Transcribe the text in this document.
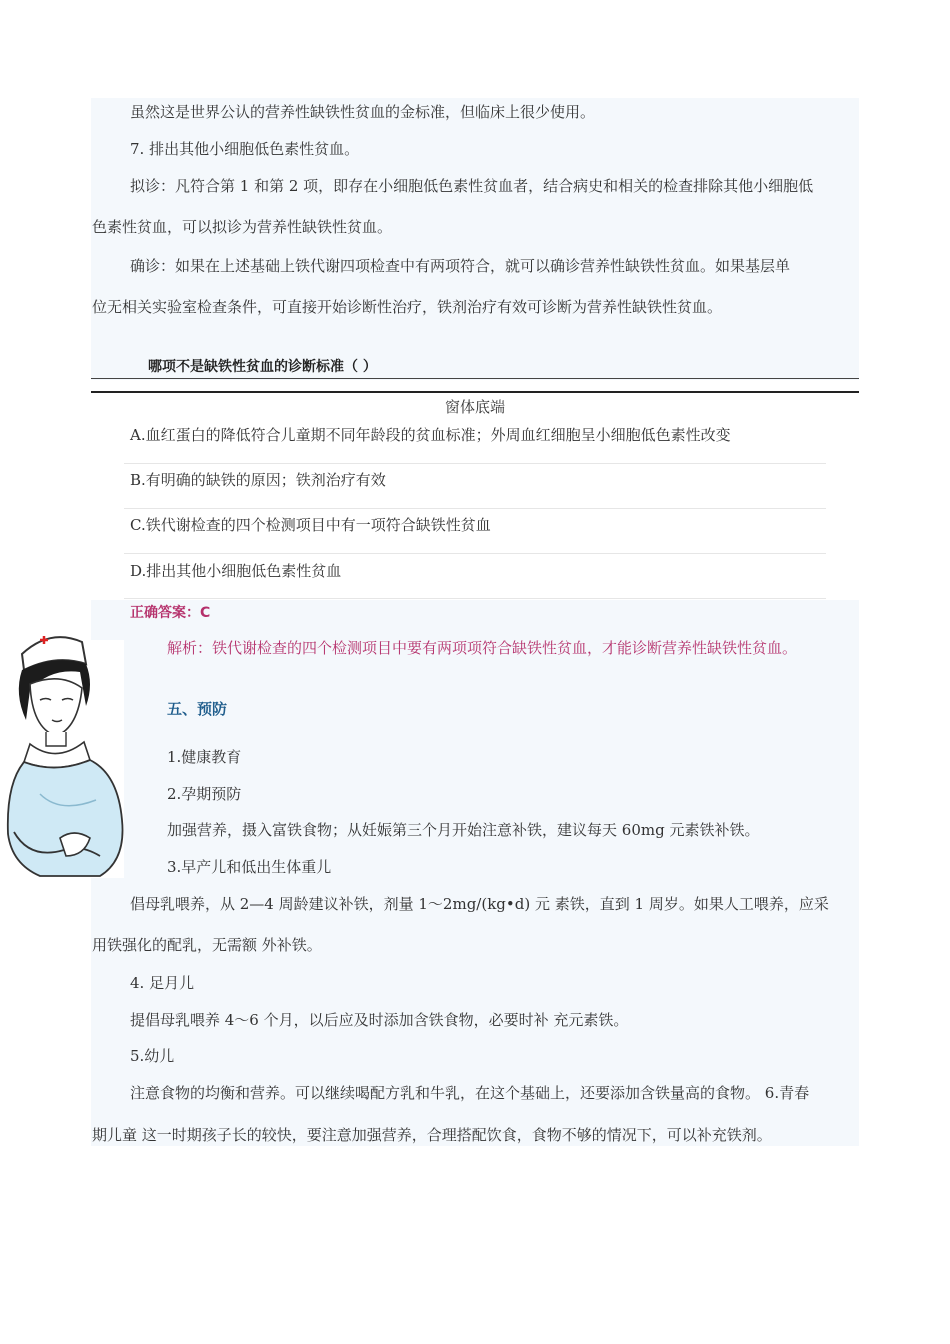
虽然这是世界公认的营养性缺铁性贫血的金标准，但临床上很少使用。
7. 排出其他小细胞低色素性贫血。
拟诊：凡符合第 1 和第 2 项，即存在小细胞低色素性贫血者，结合病史和相关的检查排除其他小细胞低
色素性贫血，可以拟诊为营养性缺铁性贫血。
确诊：如果在上述基础上铁代谢四项检查中有两项符合，就可以确诊营养性缺铁性贫血。如果基层单
位无相关实验室检查条件，可直接开始诊断性治疗，铁剂治疗有效可诊断为营养性缺铁性贫血。
哪项不是缺铁性贫血的诊断标准（ ）
窗体底端
A.血红蛋白的降低符合儿童期不同年龄段的贫血标准；外周血红细胞呈小细胞低色素性改变
B.有明确的缺铁的原因；铁剂治疗有效
C.铁代谢检查的四个检测项目中有一项符合缺铁性贫血
D.排出其他小细胞低色素性贫血
正确答案：C
解析：铁代谢检查的四个检测项目中要有两项项符合缺铁性贫血，才能诊断营养性缺铁性贫血。
五、预防
1.健康教育
2.孕期预防
加强营养，摄入富铁食物；从妊娠第三个月开始注意补铁，建议每天 60mg 元素铁补铁。
3.早产儿和低出生体重儿
倡母乳喂养，从 2—4 周龄建议补铁，剂量 1～2mg/(kg•d) 元 素铁，直到 1 周岁。如果人工喂养，应采
用铁强化的配乳，无需额 外补铁。
4. 足月儿
提倡母乳喂养 4～6 个月，以后应及时添加含铁食物，必要时补 充元素铁。
5.幼儿
注意食物的均衡和营养。可以继续喝配方乳和牛乳，在这个基础上，还要添加含铁量高的食物。 6.青春
期儿童 这一时期孩子长的较快，要注意加强营养，合理搭配饮食，食物不够的情况下，可以补充铁剂。
